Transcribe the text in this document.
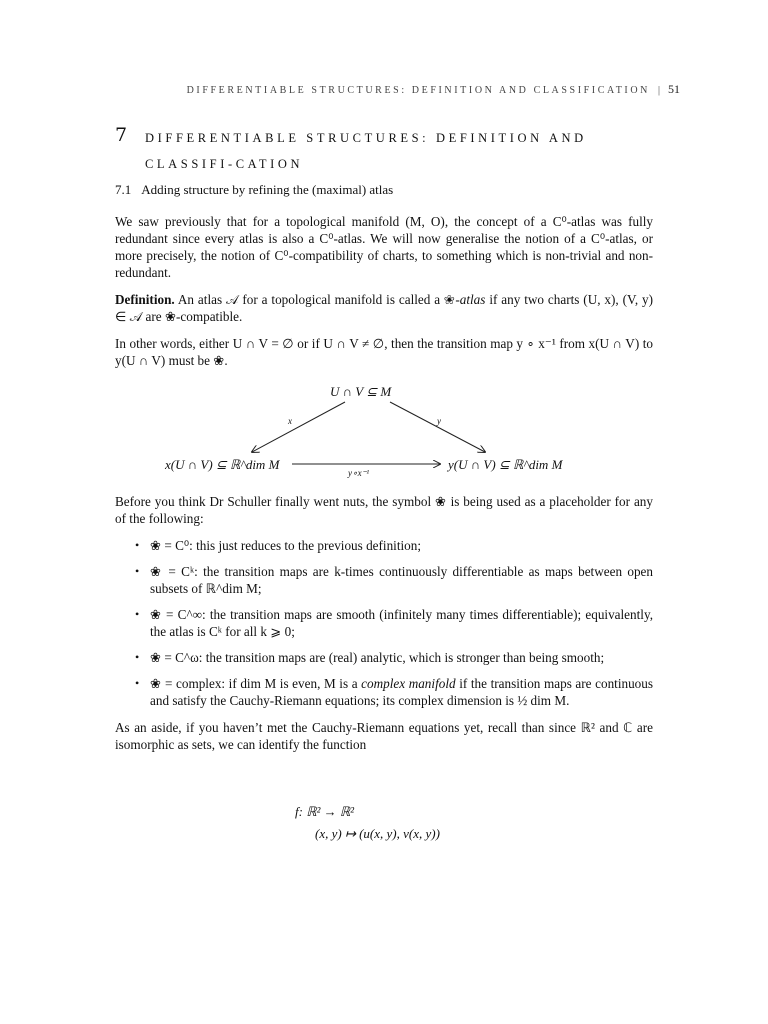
DIFFERENTIABLE STRUCTURES: DEFINITION AND CLASSIFICATION | 51
7 DIFFERENTIABLE STRUCTURES: DEFINITION AND CLASSIFI-CATION
7.1 Adding structure by refining the (maximal) atlas

We saw previously that for a topological manifold (M, O), the concept of a C⁰-atlas was fully redundant since every atlas is also a C⁰-atlas. We will now generalise the notion of a C⁰-atlas, or more precisely, the notion of C⁰-compatibility of charts, to something which is non-trivial and non-redundant.

Definition. An atlas 𝒜 for a topological manifold is called a ❀-atlas if any two charts (U, x), (V, y) ∈ 𝒜 are ❀-compatible.

In other words, either U ∩ V = ∅ or if U ∩ V ≠ ∅, then the transition map y ∘ x⁻¹ from x(U ∩ V) to y(U ∩ V) must be ❀.

U ∩ V ⊆ M
x(U ∩ V) ⊆ ℝ^dim M	y(U ∩ V) ⊆ ℝ^dim M
x	y
y∘x⁻¹

Before you think Dr Schuller finally went nuts, the symbol ❀ is being used as a placeholder for any of the following:

• ❀ = C⁰: this just reduces to the previous definition;
• ❀ = Cᵏ: the transition maps are k-times continuously differentiable as maps between open subsets of ℝ^dim M;
• ❀ = C^∞: the transition maps are smooth (infinitely many times differentiable); equivalently, the atlas is Cᵏ for all k ⩾ 0;
• ❀ = C^ω: the transition maps are (real) analytic, which is stronger than being smooth;
• ❀ = complex: if dim M is even, M is a complex manifold if the transition maps are continuous and satisfy the Cauchy-Riemann equations; its complex dimension is ½ dim M.

As an aside, if you haven’t met the Cauchy-Riemann equations yet, recall than since ℝ² and ℂ are isomorphic as sets, we can identify the function

f: ℝ² → ℝ²
(x, y) ↦ (u(x, y), v(x, y))
